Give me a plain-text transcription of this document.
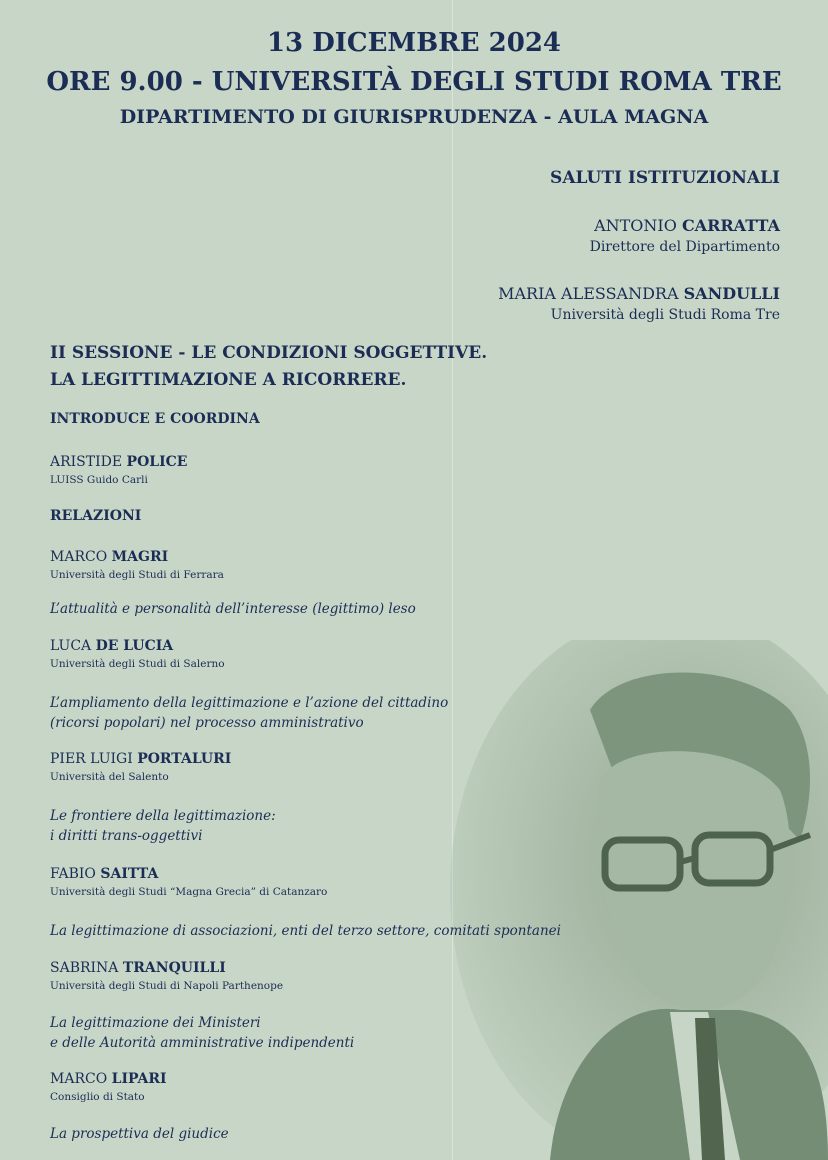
13 DICEMBRE 2024
ORE 9.00 - UNIVERSITÀ DEGLI STUDI ROMA TRE
DIPARTIMENTO DI GIURISPRUDENZA - AULA MAGNA
SALUTI ISTITUZIONALI
ANTONIO CARRATTA
Direttore del Dipartimento
MARIA ALESSANDRA SANDULLI
Università degli Studi Roma Tre
II SESSIONE - LE CONDIZIONI SOGGETTIVE.
LA LEGITTIMAZIONE A RICORRERE.
INTRODUCE E COORDINA
ARISTIDE POLICE
LUISS Guido Carli
RELAZIONI
MARCO MAGRI
Università degli Studi di Ferrara
L’attualità e personalità dell’interesse (legittimo) leso
LUCA DE LUCIA
Università degli Studi di Salerno
L’ampliamento della legittimazione e l’azione del cittadino
(ricorsi popolari) nel processo amministrativo
PIER LUIGI PORTALURI
Università del Salento
Le frontiere della legittimazione:
i diritti trans-oggettivi
FABIO SAITTA
Università degli Studi “Magna Grecia” di Catanzaro
La legittimazione di associazioni, enti del terzo settore, comitati spontanei
SABRINA TRANQUILLI
Università degli Studi di Napoli Parthenope
La legittimazione dei Ministeri
e delle Autorità amministrative indipendenti
MARCO LIPARI
Consiglio di Stato
La prospettiva del giudice
